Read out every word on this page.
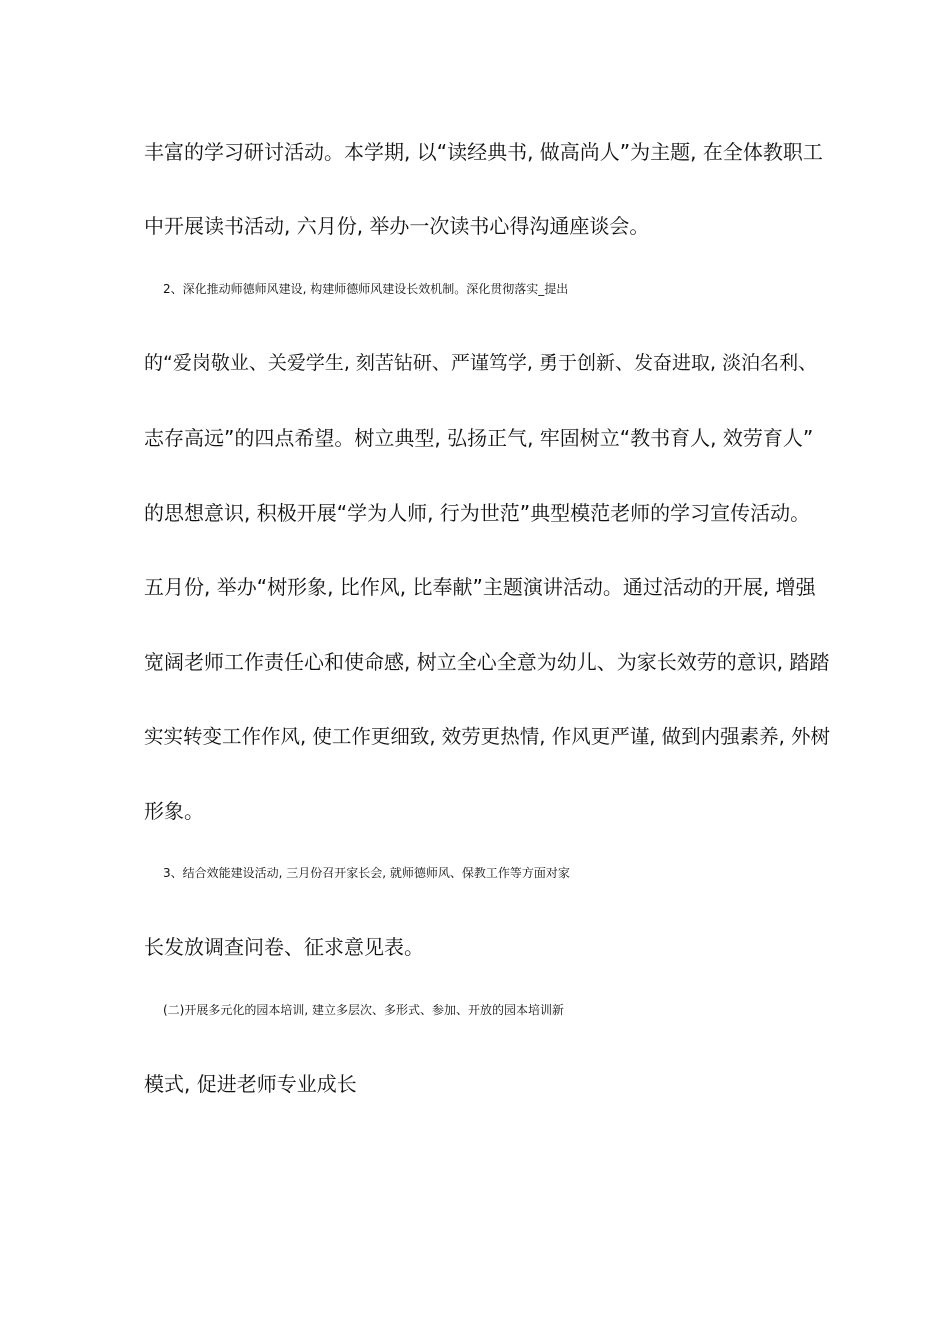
丰富的学习研讨活动。本学期, 以“读经典书, 做高尚人”为主题, 在全体教职工
中开展读书活动, 六月份, 举办一次读书心得沟通座谈会。
2、深化推动师德师风建设, 构建师德师风建设长效机制。深化贯彻落实_提出
的“爱岗敬业、关爱学生, 刻苦钻研、严谨笃学, 勇于创新、发奋进取, 淡泊名利、
志存高远”的四点希望。树立典型, 弘扬正气, 牢固树立“教书育人, 效劳育人”
的思想意识, 积极开展“学为人师, 行为世范”典型模范老师的学习宣传活动。
五月份, 举办“树形象, 比作风, 比奉献”主题演讲活动。通过活动的开展, 增强
宽阔老师工作责任心和使命感, 树立全心全意为幼儿、为家长效劳的意识, 踏踏
实实转变工作作风, 使工作更细致, 效劳更热情, 作风更严谨, 做到内强素养, 外树
形象。
3、结合效能建设活动, 三月份召开家长会, 就师德师风、保教工作等方面对家
长发放调查问卷、征求意见表。
(二)开展多元化的园本培训, 建立多层次、多形式、参加、开放的园本培训新
模式, 促进老师专业成长
